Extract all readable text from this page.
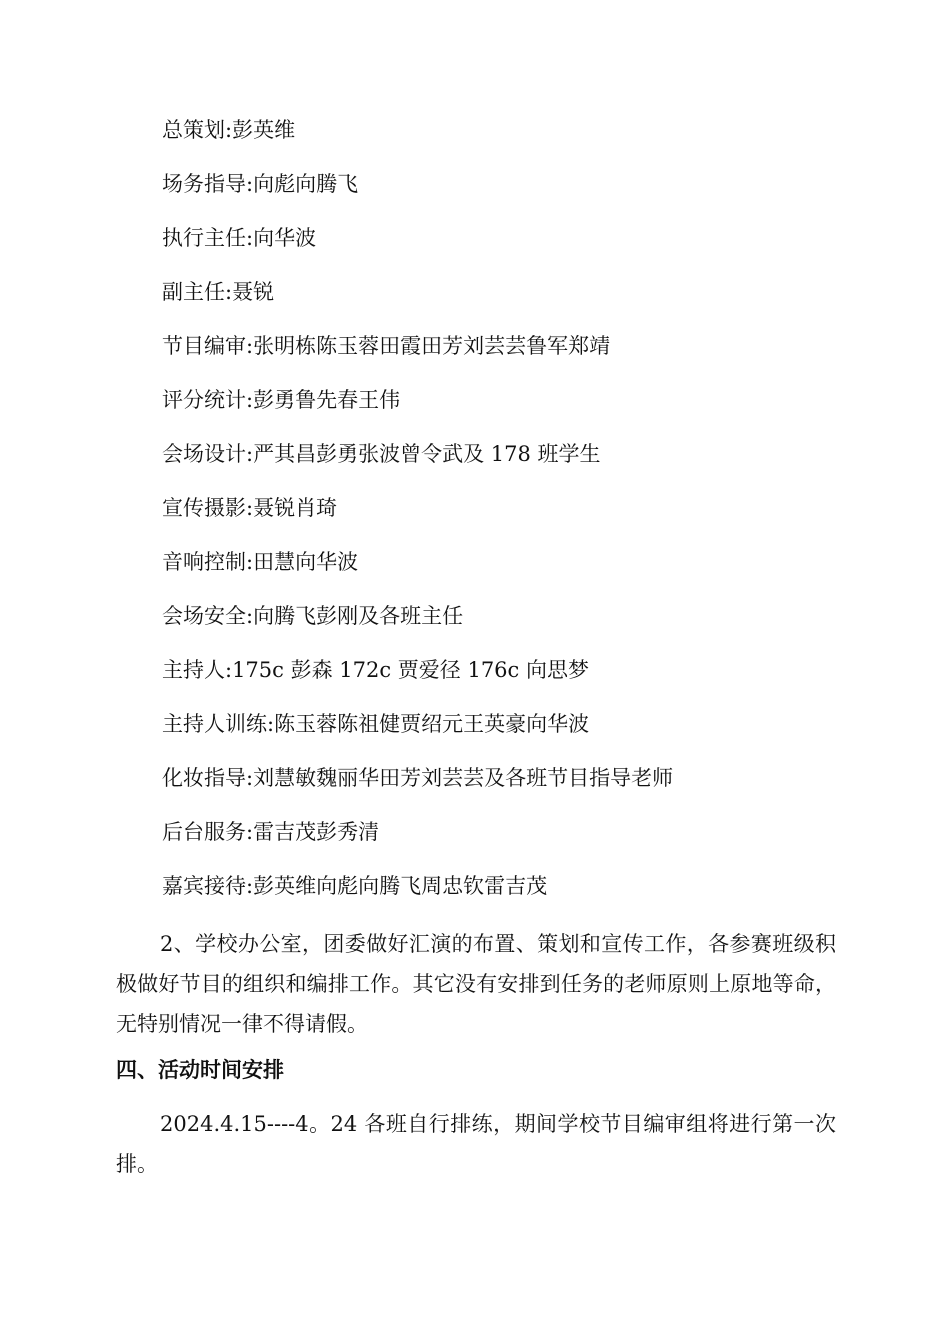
总策划:彭英维
场务指导:向彪向腾飞
执行主任:向华波
副主任:聂锐
节目编审:张明栋陈玉蓉田霞田芳刘芸芸鲁军郑靖
评分统计:彭勇鲁先春王伟
会场设计:严其昌彭勇张波曾令武及 178 班学生
宣传摄影:聂锐肖琦
音响控制:田慧向华波
会场安全:向腾飞彭刚及各班主任
主持人:175c 彭森 172c 贾爱径 176c 向思梦
主持人训练:陈玉蓉陈祖健贾绍元王英豪向华波
化妆指导:刘慧敏魏丽华田芳刘芸芸及各班节目指导老师
后台服务:雷吉茂彭秀清
嘉宾接待:彭英维向彪向腾飞周忠钦雷吉茂
2、学校办公室，团委做好汇演的布置、策划和宣传工作，各参赛班级积极做好节目的组织和编排工作。其它没有安排到任务的老师原则上原地等命，无特别情况一律不得请假。
四、活动时间安排
2024.4.15----4。24 各班自行排练，期间学校节目编审组将进行第一次排。
